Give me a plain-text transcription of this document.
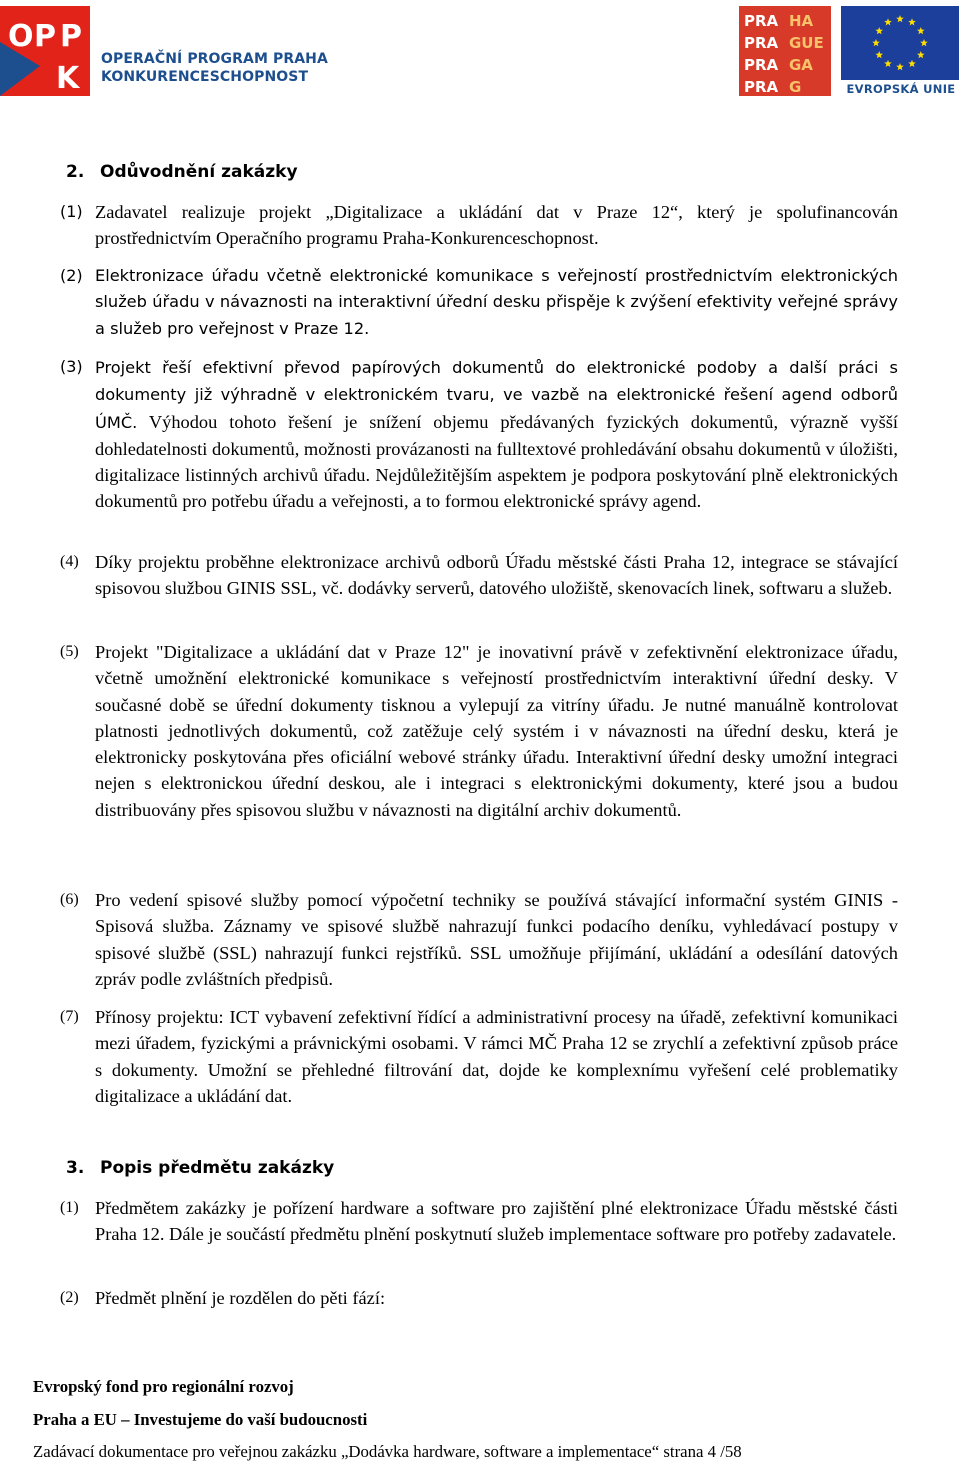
O P P
K
OPERAČNÍ PROGRAM PRAHA
KONKURENCESCHOPNOST
PRA HA
PRA GUE
PRA GA
PRA G	EVROPSKÁ UNIE
2. Odůvodnění zakázky
(1) Zadavatel realizuje projekt „Digitalizace a ukládání dat v Praze 12“, který je spolufinancován prostřednictvím Operačního programu Praha-Konkurenceschopnost.
(2) Elektronizace úřadu včetně elektronické komunikace s veřejností prostřednictvím elektronických služeb úřadu v návaznosti na interaktivní úřední desku přispěje k zvýšení efektivity veřejné správy a služeb pro veřejnost v Praze 12.
(3) Projekt řeší efektivní převod papírových dokumentů do elektronické podoby a další práci s dokumenty již výhradně v elektronickém tvaru, ve vazbě na elektronické řešení agend odborů ÚMČ. Výhodou tohoto řešení je snížení objemu předávaných fyzických dokumentů, výrazně vyšší dohledatelnosti dokumentů, možnosti provázanosti na fulltextové prohledávání obsahu dokumentů v úložišti, digitalizace listinných archivů úřadu. Nejdůležitějším aspektem je podpora poskytování plně elektronických dokumentů pro potřebu úřadu a veřejnosti, a to formou elektronické správy agend.
(4) Díky projektu proběhne elektronizace archivů odborů Úřadu městské části Praha 12, integrace se stávající spisovou službou GINIS SSL, vč. dodávky serverů, datového uložiště, skenovacích linek, softwaru a služeb.
(5) Projekt "Digitalizace a ukládání dat v Praze 12" je inovativní právě v zefektivnění elektronizace úřadu, včetně umožnění elektronické komunikace s veřejností prostřednictvím interaktivní úřední desky. V současné době se úřední dokumenty tisknou a vylepují za vitríny úřadu. Je nutné manuálně kontrolovat platnosti jednotlivých dokumentů, což zatěžuje celý systém i v návaznosti na úřední desku, která je elektronicky poskytována přes oficiální webové stránky úřadu. Interaktivní úřední desky umožní integraci nejen s elektronickou úřední deskou, ale i integraci s elektronickými dokumenty, které jsou a budou distribuovány přes spisovou službu v návaznosti na digitální archiv dokumentů.
(6) Pro vedení spisové služby pomocí výpočetní techniky se používá stávající informační systém GINIS - Spisová služba. Záznamy ve spisové službě nahrazují funkci podacího deníku, vyhledávací postupy v spisové službě (SSL) nahrazují funkci rejstříků. SSL umožňuje přijímání, ukládání a odesílání datových zpráv podle zvláštních předpisů.
(7) Přínosy projektu: ICT vybavení zefektivní řídící a administrativní procesy na úřadě, zefektivní komunikaci mezi úřadem, fyzickými a právnickými osobami. V rámci MČ Praha 12 se zrychlí a zefektivní způsob práce s dokumenty. Umožní se přehledné filtrování dat, dojde ke komplexnímu vyřešení celé problematiky digitalizace a ukládání dat.
3. Popis předmětu zakázky
(1) Předmětem zakázky je pořízení hardware a software pro zajištění plné elektronizace Úřadu městské části Praha 12. Dále je součástí předmětu plnění poskytnutí služeb implementace software pro potřeby zadavatele.
(2) Předmět plnění je rozdělen do pěti fází:
Evropský fond pro regionální rozvoj
Praha a EU – Investujeme do vaší budoucnosti
Zadávací dokumentace pro veřejnou zakázku „Dodávka hardware, software a implementace“ strana 4 /58
